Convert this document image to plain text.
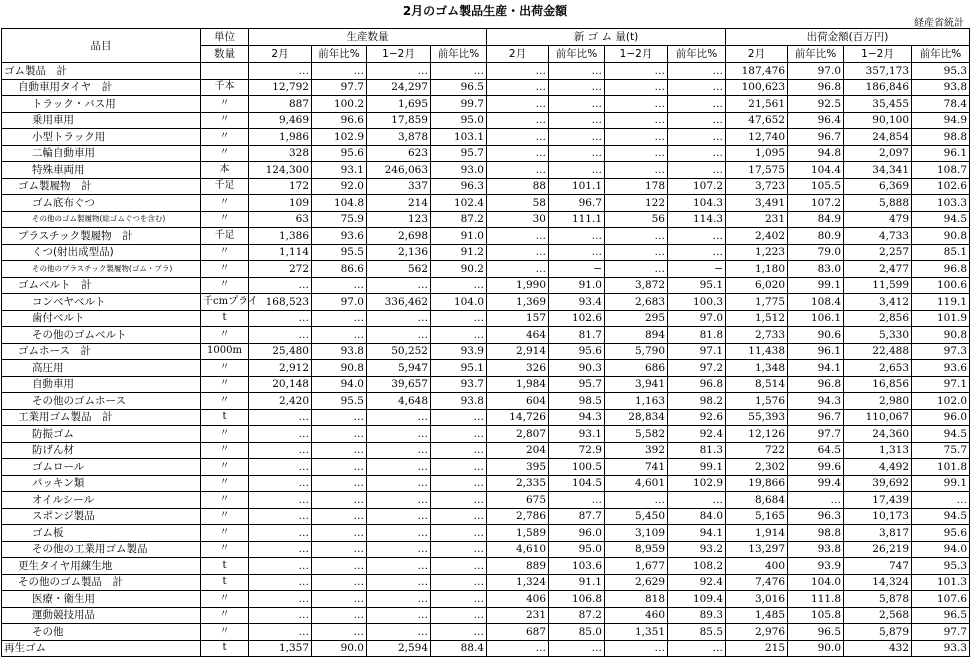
2月のゴム製品生産・出荷金額
経産省統計
品目	単位	生産数量				新 ゴ ム 量(t)				出荷金額(百万円)			
	数量	2月	前年比%	1−2月	前年比%	2月	前年比%	1−2月	前年比%	2月	前年比%	1−2月	前年比%
ゴム製品　計		…	…	…	…	…	…	…	…	187,476	97.0	357,173	95.3
自動車用タイヤ　計	千本	12,792	97.7	24,297	96.5	…	…	…	…	100,623	96.8	186,846	93.8
トラック・バス用	〃	887	100.2	1,695	99.7	…	…	…	…	21,561	92.5	35,455	78.4
乗用車用	〃	9,469	96.6	17,859	95.0	…	…	…	…	47,652	96.4	90,100	94.9
小型トラック用	〃	1,986	102.9	3,878	103.1	…	…	…	…	12,740	96.7	24,854	98.8
二輪自動車用	〃	328	95.6	623	95.7	…	…	…	…	1,095	94.8	2,097	96.1
特殊車両用	本	124,300	93.1	246,063	93.0	…	…	…	…	17,575	104.4	34,341	108.7
ゴム製履物　計	千足	172	92.0	337	96.3	88	101.1	178	107.2	3,723	105.5	6,369	102.6
ゴム底布ぐつ	〃	109	104.8	214	102.4	58	96.7	122	104.3	3,491	107.2	5,888	103.3
その他のゴム製履物(総ゴムぐつを含む)	〃	63	75.9	123	87.2	30	111.1	56	114.3	231	84.9	479	94.5
プラスチック製履物　計	千足	1,386	93.6	2,698	91.0	…	…	…	…	2,402	80.9	4,733	90.8
くつ(射出成型品)	〃	1,114	95.5	2,136	91.2	…	…	…	…	1,223	79.0	2,257	85.1
その他のプラスチック製履物(ゴム・プラ)	〃	272	86.6	562	90.2	…	−	…	−	1,180	83.0	2,477	96.8
ゴムベルト　計	〃	…	…	…	…	1,990	91.0	3,872	95.1	6,020	99.1	11,599	100.6
コンベヤベルト	千cmプライ	168,523	97.0	336,462	104.0	1,369	93.4	2,683	100.3	1,775	108.4	3,412	119.1
歯付ベルト	t	…	…	…	…	157	102.6	295	97.0	1,512	106.1	2,856	101.9
その他のゴムベルト	〃	…	…	…	…	464	81.7	894	81.8	2,733	90.6	5,330	90.8
ゴムホース　計	1000m	25,480	93.8	50,252	93.9	2,914	95.6	5,790	97.1	11,438	96.1	22,488	97.3
高圧用	〃	2,912	90.8	5,947	95.1	326	90.3	686	97.2	1,348	94.1	2,653	93.6
自動車用	〃	20,148	94.0	39,657	93.7	1,984	95.7	3,941	96.8	8,514	96.8	16,856	97.1
その他のゴムホース	〃	2,420	95.5	4,648	93.8	604	98.5	1,163	98.2	1,576	94.3	2,980	102.0
工業用ゴム製品　計	t	…	…	…	…	14,726	94.3	28,834	92.6	55,393	96.7	110,067	96.0
防振ゴム	〃	…	…	…	…	2,807	93.1	5,582	92.4	12,126	97.7	24,360	94.5
防げん材	〃	…	…	…	…	204	72.9	392	81.3	722	64.5	1,313	75.7
ゴムロール	〃	…	…	…	…	395	100.5	741	99.1	2,302	99.6	4,492	101.8
パッキン類	〃	…	…	…	…	2,335	104.5	4,601	102.9	19,866	99.4	39,692	99.1
オイルシール	〃	…	…	…	…	675	…	…	…	8,684	…	17,439	…
スポンジ製品	〃	…	…	…	…	2,786	87.7	5,450	84.0	5,165	96.3	10,173	94.5
ゴム板	〃	…	…	…	…	1,589	96.0	3,109	94.1	1,914	98.8	3,817	95.6
その他の工業用ゴム製品	〃	…	…	…	…	4,610	95.0	8,959	93.2	13,297	93.8	26,219	94.0
更生タイヤ用練生地	t	…	…	…	…	889	103.6	1,677	108.2	400	93.9	747	95.3
その他のゴム製品　計	t	…	…	…	…	1,324	91.1	2,629	92.4	7,476	104.0	14,324	101.3
医療・衛生用	〃	…	…	…	…	406	106.8	818	109.4	3,016	111.8	5,878	107.6
運動競技用品	〃	…	…	…	…	231	87.2	460	89.3	1,485	105.8	2,568	96.5
その他	〃	…	…	…	…	687	85.0	1,351	85.5	2,976	96.5	5,879	97.7
再生ゴム	t	1,357	90.0	2,594	88.4	…	…	…	…	215	90.0	432	93.3
